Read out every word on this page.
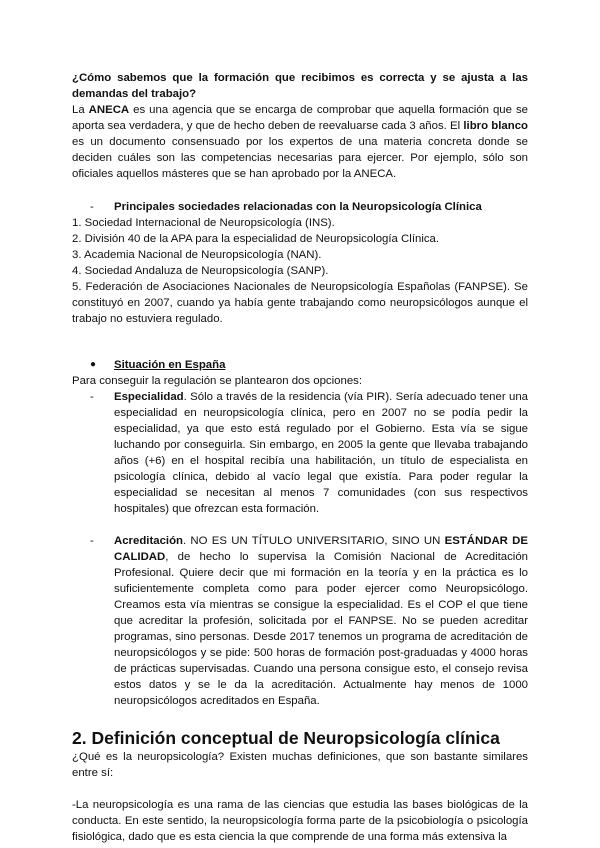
¿Cómo sabemos que la formación que recibimos es correcta y se ajusta a las demandas del trabajo?

La ANECA es una agencia que se encarga de comprobar que aquella formación que se aporta sea verdadera, y que de hecho deben de reevaluarse cada 3 años. El libro blanco es un documento consensuado por los expertos de una materia concreta donde se deciden cuáles son las competencias necesarias para ejercer. Por ejemplo, sólo son oficiales aquellos másteres que se han aprobado por la ANECA.

-	Principales sociedades relacionadas con la Neuropsicología Clínica

1. Sociedad Internacional de Neuropsicología (INS).

2. División 40 de la APA para la especialidad de Neuropsicología Clínica.

3. Academia Nacional de Neuropsicología (NAN).

4. Sociedad Andaluza de Neuropsicología (SANP).

5. Federación de Asociaciones Nacionales de Neuropsicología Españolas (FANPSE). Se constituyó en 2007, cuando ya había gente trabajando como neuropsicólogos aunque el trabajo no estuviera regulado.

●	Situación en España

Para conseguir la regulación se plantearon dos opciones:

-	Especialidad. Sólo a través de la residencia (vía PIR). Sería adecuado tener una especialidad en neuropsicología clínica, pero en 2007 no se podía pedir la especialidad, ya que esto está regulado por el Gobierno. Esta vía se sigue luchando por conseguirla. Sin embargo, en 2005 la gente que llevaba trabajando años (+6) en el hospital recibía una habilitación, un título de especialista en psicología clínica, debido al vacío legal que existía. Para poder regular la especialidad se necesitan al menos 7 comunidades (con sus respectivos hospitales) que ofrezcan esta formación.
-	Acreditación. NO ES UN TÍTULO UNIVERSITARIO, SINO UN ESTÁNDAR DE CALIDAD, de hecho lo supervisa la Comisión Nacional de Acreditación Profesional. Quiere decir que mi formación en la teoría y en la práctica es lo suficientemente completa como para poder ejercer como Neuropsicólogo. Creamos esta vía mientras se consigue la especialidad. Es el COP el que tiene que acreditar la profesión, solicitada por el FANPSE. No se pueden acreditar programas, sino personas. Desde 2017 tenemos un programa de acreditación de neuropsicólogos y se pide: 500 horas de formación post-graduadas y 4000 horas de prácticas supervisadas. Cuando una persona consigue esto, el consejo revisa estos datos y se le da la acreditación. Actualmente hay menos de 1000 neuropsicólogos acreditados en España.
2. Definición conceptual de Neuropsicología clínica

¿Qué es la neuropsicología? Existen muchas definiciones, que son bastante similares entre sí:

-La neuropsicología es una rama de las ciencias que estudia las bases biológicas de la conducta. En este sentido, la neuropsicología forma parte de la psicobiología o psicología fisiológica, dado que es esta ciencia la que comprende de una forma más extensiva la
